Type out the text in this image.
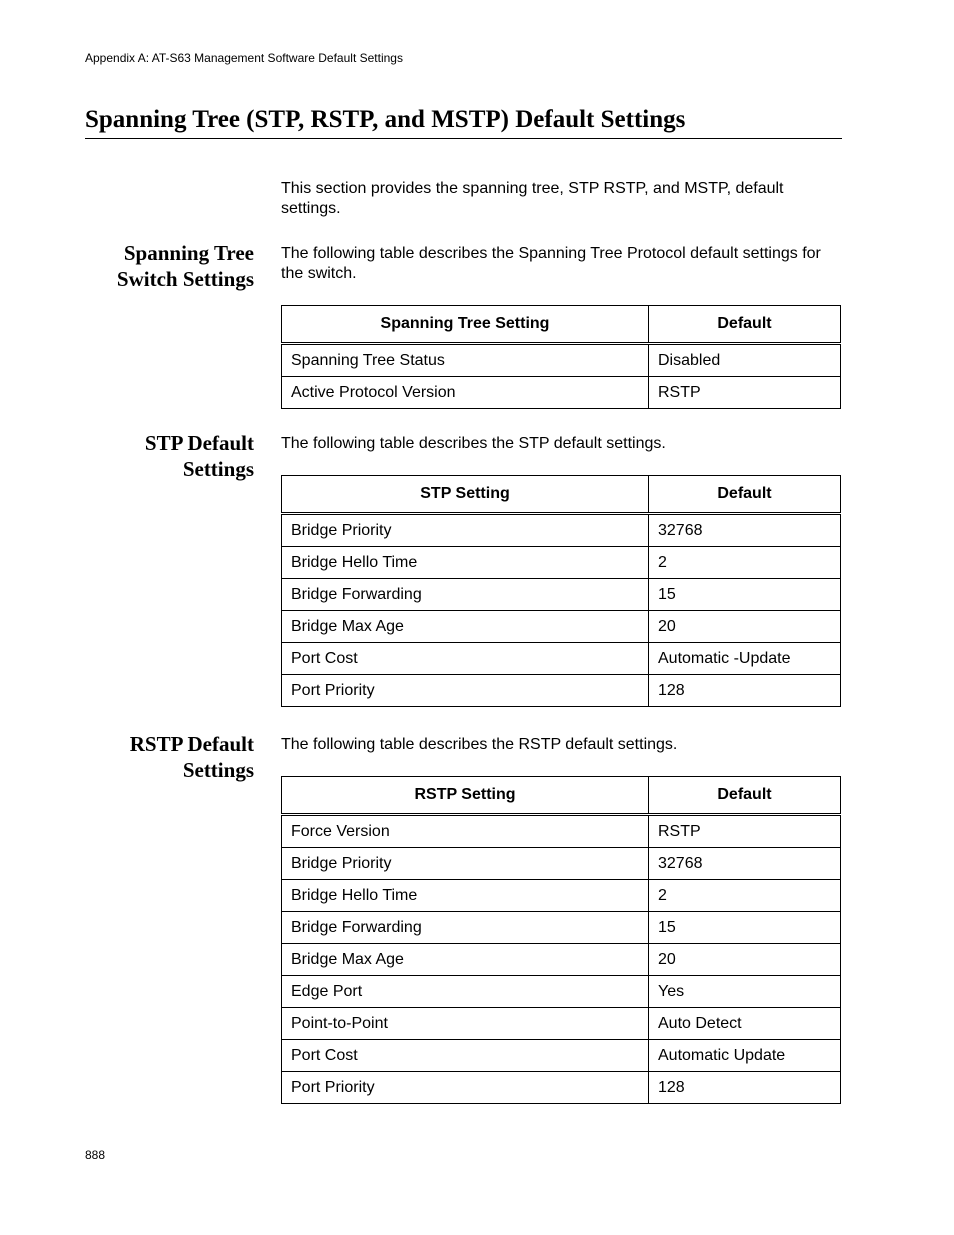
Appendix A: AT-S63 Management Software Default Settings
Spanning Tree (STP, RSTP, and MSTP) Default Settings

This section provides the spanning tree, STP RSTP, and MSTP, default settings.

Spanning Tree
Switch Settings

The following table describes the Spanning Tree Protocol default settings for the switch.

Spanning Tree Setting	Default
Spanning Tree Status	Disabled
Active Protocol Version	RSTP
STP Default
Settings

The following table describes the STP default settings.

STP Setting	Default
Bridge Priority	32768
Bridge Hello Time	2
Bridge Forwarding	15
Bridge Max Age	20
Port Cost	Automatic -Update
Port Priority	128
RSTP Default
Settings

The following table describes the RSTP default settings.

RSTP Setting	Default
Force Version	RSTP
Bridge Priority	32768
Bridge Hello Time	2
Bridge Forwarding	15
Bridge Max Age	20
Edge Port	Yes
Point-to-Point	Auto Detect
Port Cost	Automatic Update
Port Priority	128
888
